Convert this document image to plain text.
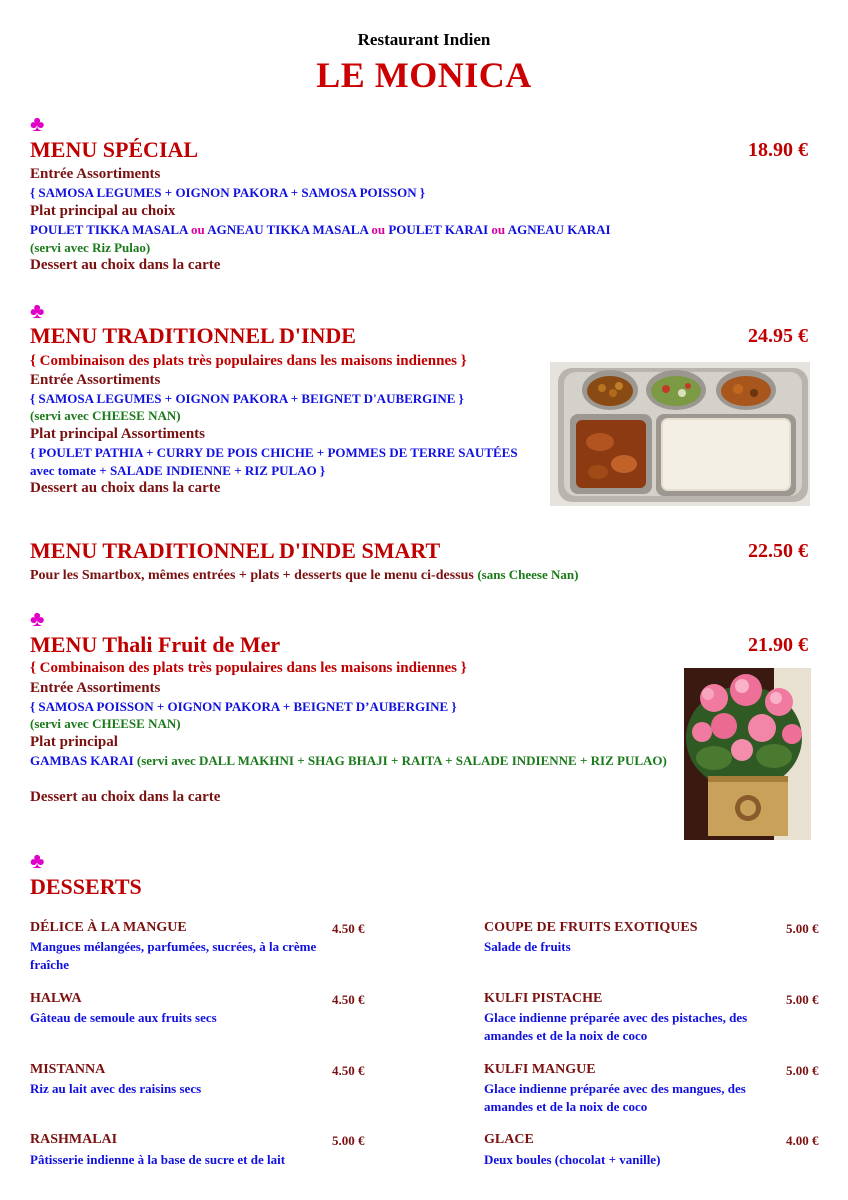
Restaurant Indien
LE MONICA
♣
MENU SPÉCIAL	18.90 €
Entrée Assortiments
{ SAMOSA LEGUMES + OIGNON PAKORA + SAMOSA POISSON }
Plat principal au choix
POULET TIKKA MASALA ou AGNEAU TIKKA MASALA ou POULET KARAI ou AGNEAU KARAI
(servi avec Riz Pulao)
Dessert au choix dans la carte
♣
MENU TRADITIONNEL D'INDE	24.95 €
{ Combinaison des plats très populaires dans les maisons indiennes }
Entrée Assortiments
{ SAMOSA LEGUMES + OIGNON PAKORA + BEIGNET D'AUBERGINE }
(servi avec CHEESE NAN)
Plat principal Assortiments
{ POULET PATHIA + CURRY DE POIS CHICHE + POMMES DE TERRE SAUTÉES avec tomate + SALADE INDIENNE + RIZ PULAO }
Dessert au choix dans la carte
MENU TRADITIONNEL D'INDE SMART	22.50 €
Pour les Smartbox, mêmes entrées + plats + desserts que le menu ci-dessus (sans Cheese Nan)
♣
MENU Thali Fruit de Mer	21.90 €
{ Combinaison des plats très populaires dans les maisons indiennes }
Entrée Assortiments
{ SAMOSA POISSON + OIGNON PAKORA + BEIGNET D’AUBERGINE }
(servi avec CHEESE NAN)
Plat principal
GAMBAS KARAI (servi avec DALL MAKHNI + SHAG BHAJI + RAITA + SALADE INDIENNE + RIZ PULAO)
Dessert au choix dans la carte
♣
DESSERTS
DÉLICE À LA MANGUE	4.50 €
Mangues mélangées, parfumées, sucrées, à la crème fraîche
HALWA	4.50 €
Gâteau de semoule aux fruits secs
MISTANNA	4.50 €
Riz au lait avec des raisins secs
RASHMALAI	5.00 €
Pâtisserie indienne à la base de sucre et de lait
COUPE DE FRUITS EXOTIQUES	5.00 €
Salade de fruits
KULFI PISTACHE	5.00 €
Glace indienne préparée avec des pistaches, des amandes et de la noix de coco
KULFI MANGUE	5.00 €
Glace indienne préparée avec des mangues, des amandes et de la noix de coco
GLACE	4.00 €
Deux boules (chocolat + vanille)
